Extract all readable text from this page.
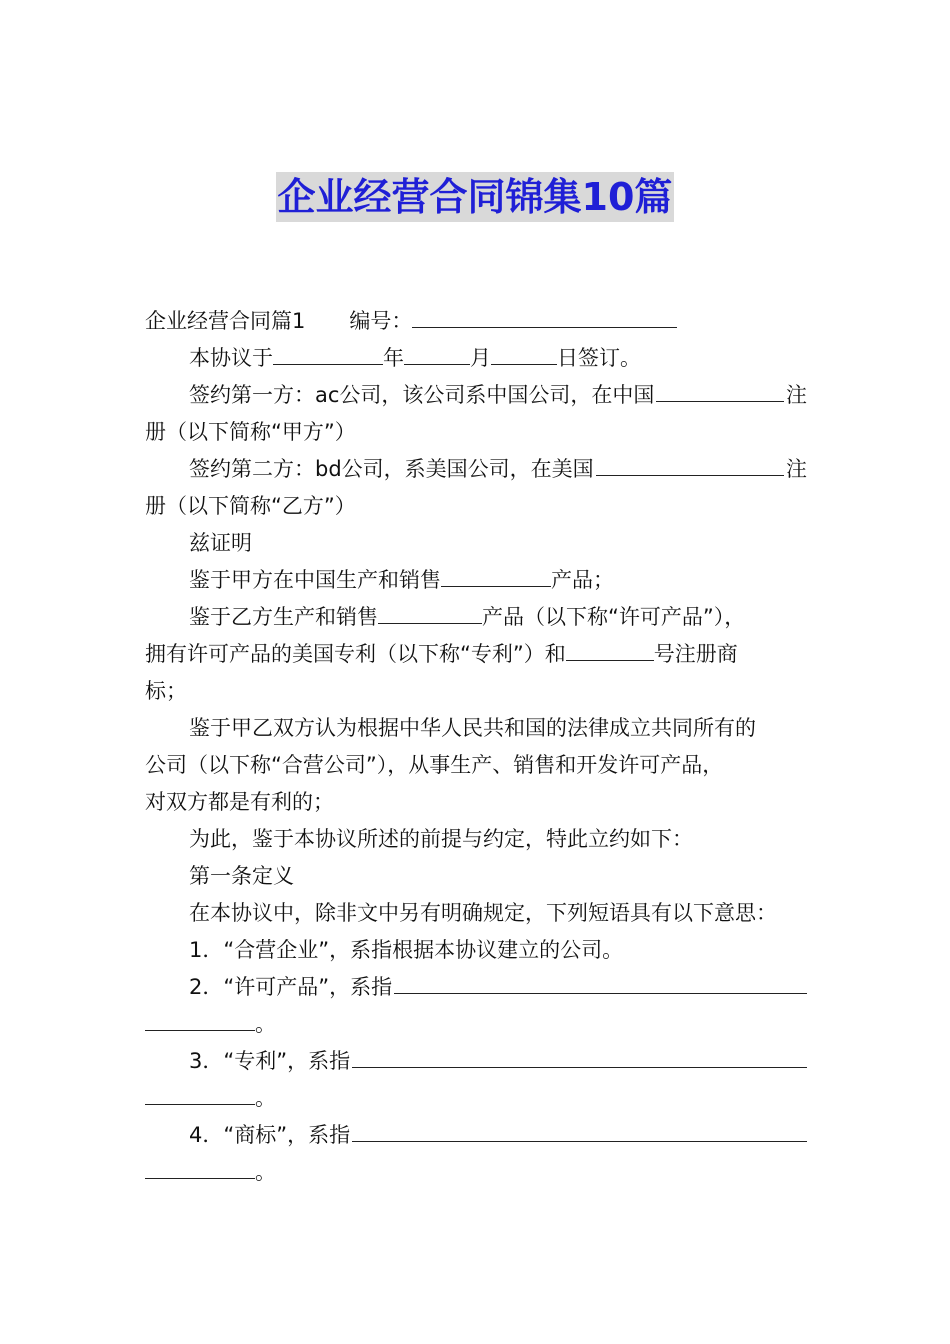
企业经营合同锦集10篇
企业经营合同篇1 编号：
本协议于	年	月	日签订。
签约第一方：ac公司，该公司系中国公司，在中国	注
册（以下简称“甲方”）
签约第二方：bd公司，系美国公司，在美国	注
册（以下简称“乙方”）
兹证明
鉴于甲方在中国生产和销售	产品；
鉴于乙方生产和销售	产品（以下称“许可产品”），
拥有许可产品的美国专利（以下称“专利”）和	号注册商
标；
鉴于甲乙双方认为根据中华人民共和国的法律成立共同所有的
公司（以下称“合营公司”），从事生产、销售和开发许可产品，
对双方都是有利的；
为此，鉴于本协议所述的前提与约定，特此立约如下：
第一条定义
在本协议中，除非文中另有明确规定，下列短语具有以下意思：
1．“合营企业”，系指根据本协议建立的公司。
2．“许可产品”，系指
。
3．“专利”，系指
。
4．“商标”，系指
。
